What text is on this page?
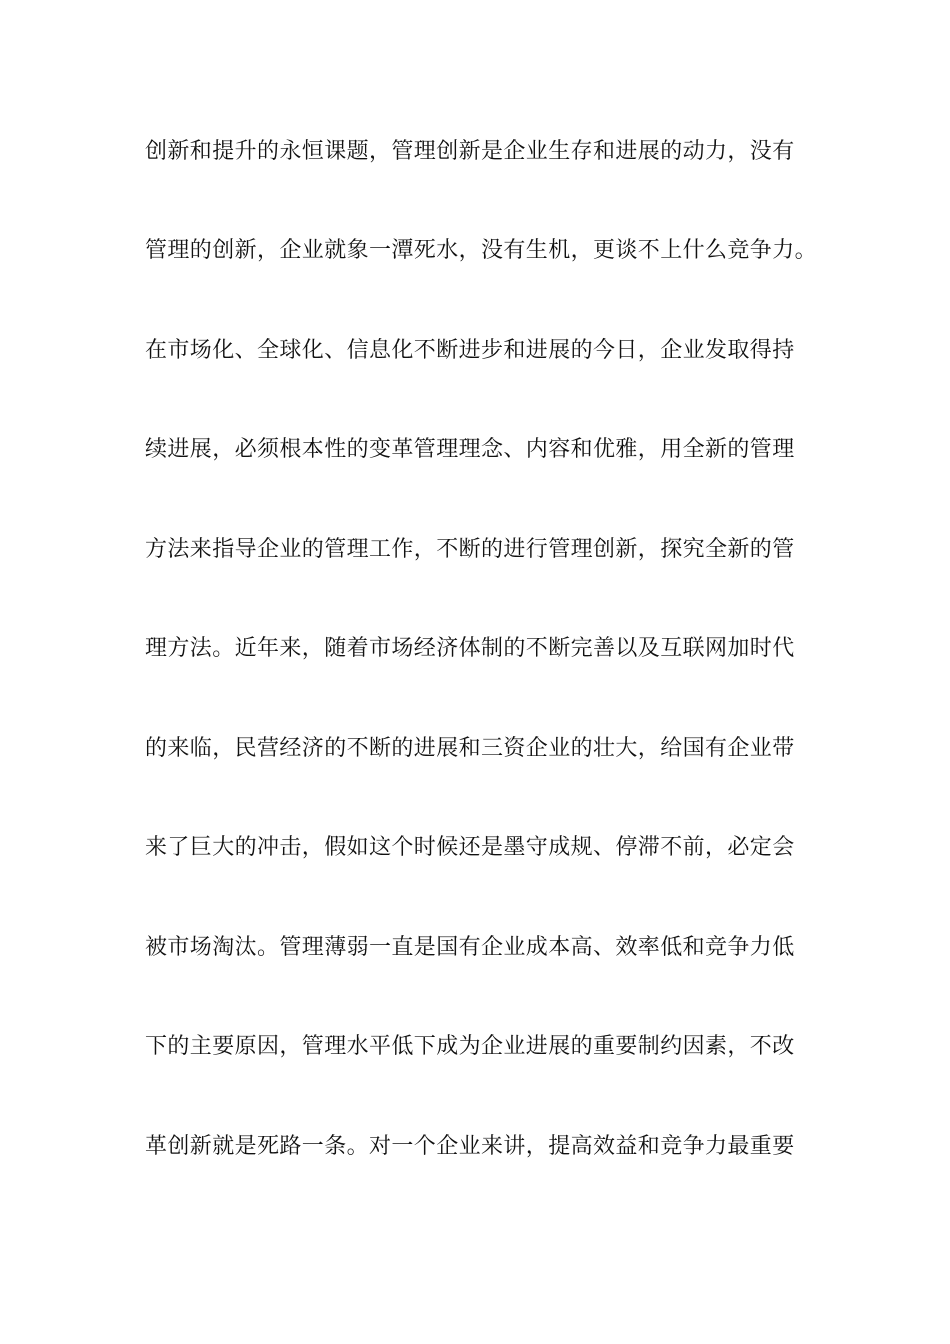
创新和提升的永恒课题，管理创新是企业生存和进展的动力，没有
管理的创新，企业就象一潭死水，没有生机，更谈不上什么竞争力。
在市场化、全球化、信息化不断进步和进展的今日，企业发取得持
续进展，必须根本性的变革管理理念、内容和优雅，用全新的管理
方法来指导企业的管理工作，不断的进行管理创新，探究全新的管
理方法。近年来，随着市场经济体制的不断完善以及互联网加时代
的来临，民营经济的不断的进展和三资企业的壮大，给国有企业带
来了巨大的冲击，假如这个时候还是墨守成规、停滞不前，必定会
被市场淘汰。管理薄弱一直是国有企业成本高、效率低和竞争力低
下的主要原因，管理水平低下成为企业进展的重要制约因素，不改
革创新就是死路一条。对一个企业来讲，提高效益和竞争力最重要
